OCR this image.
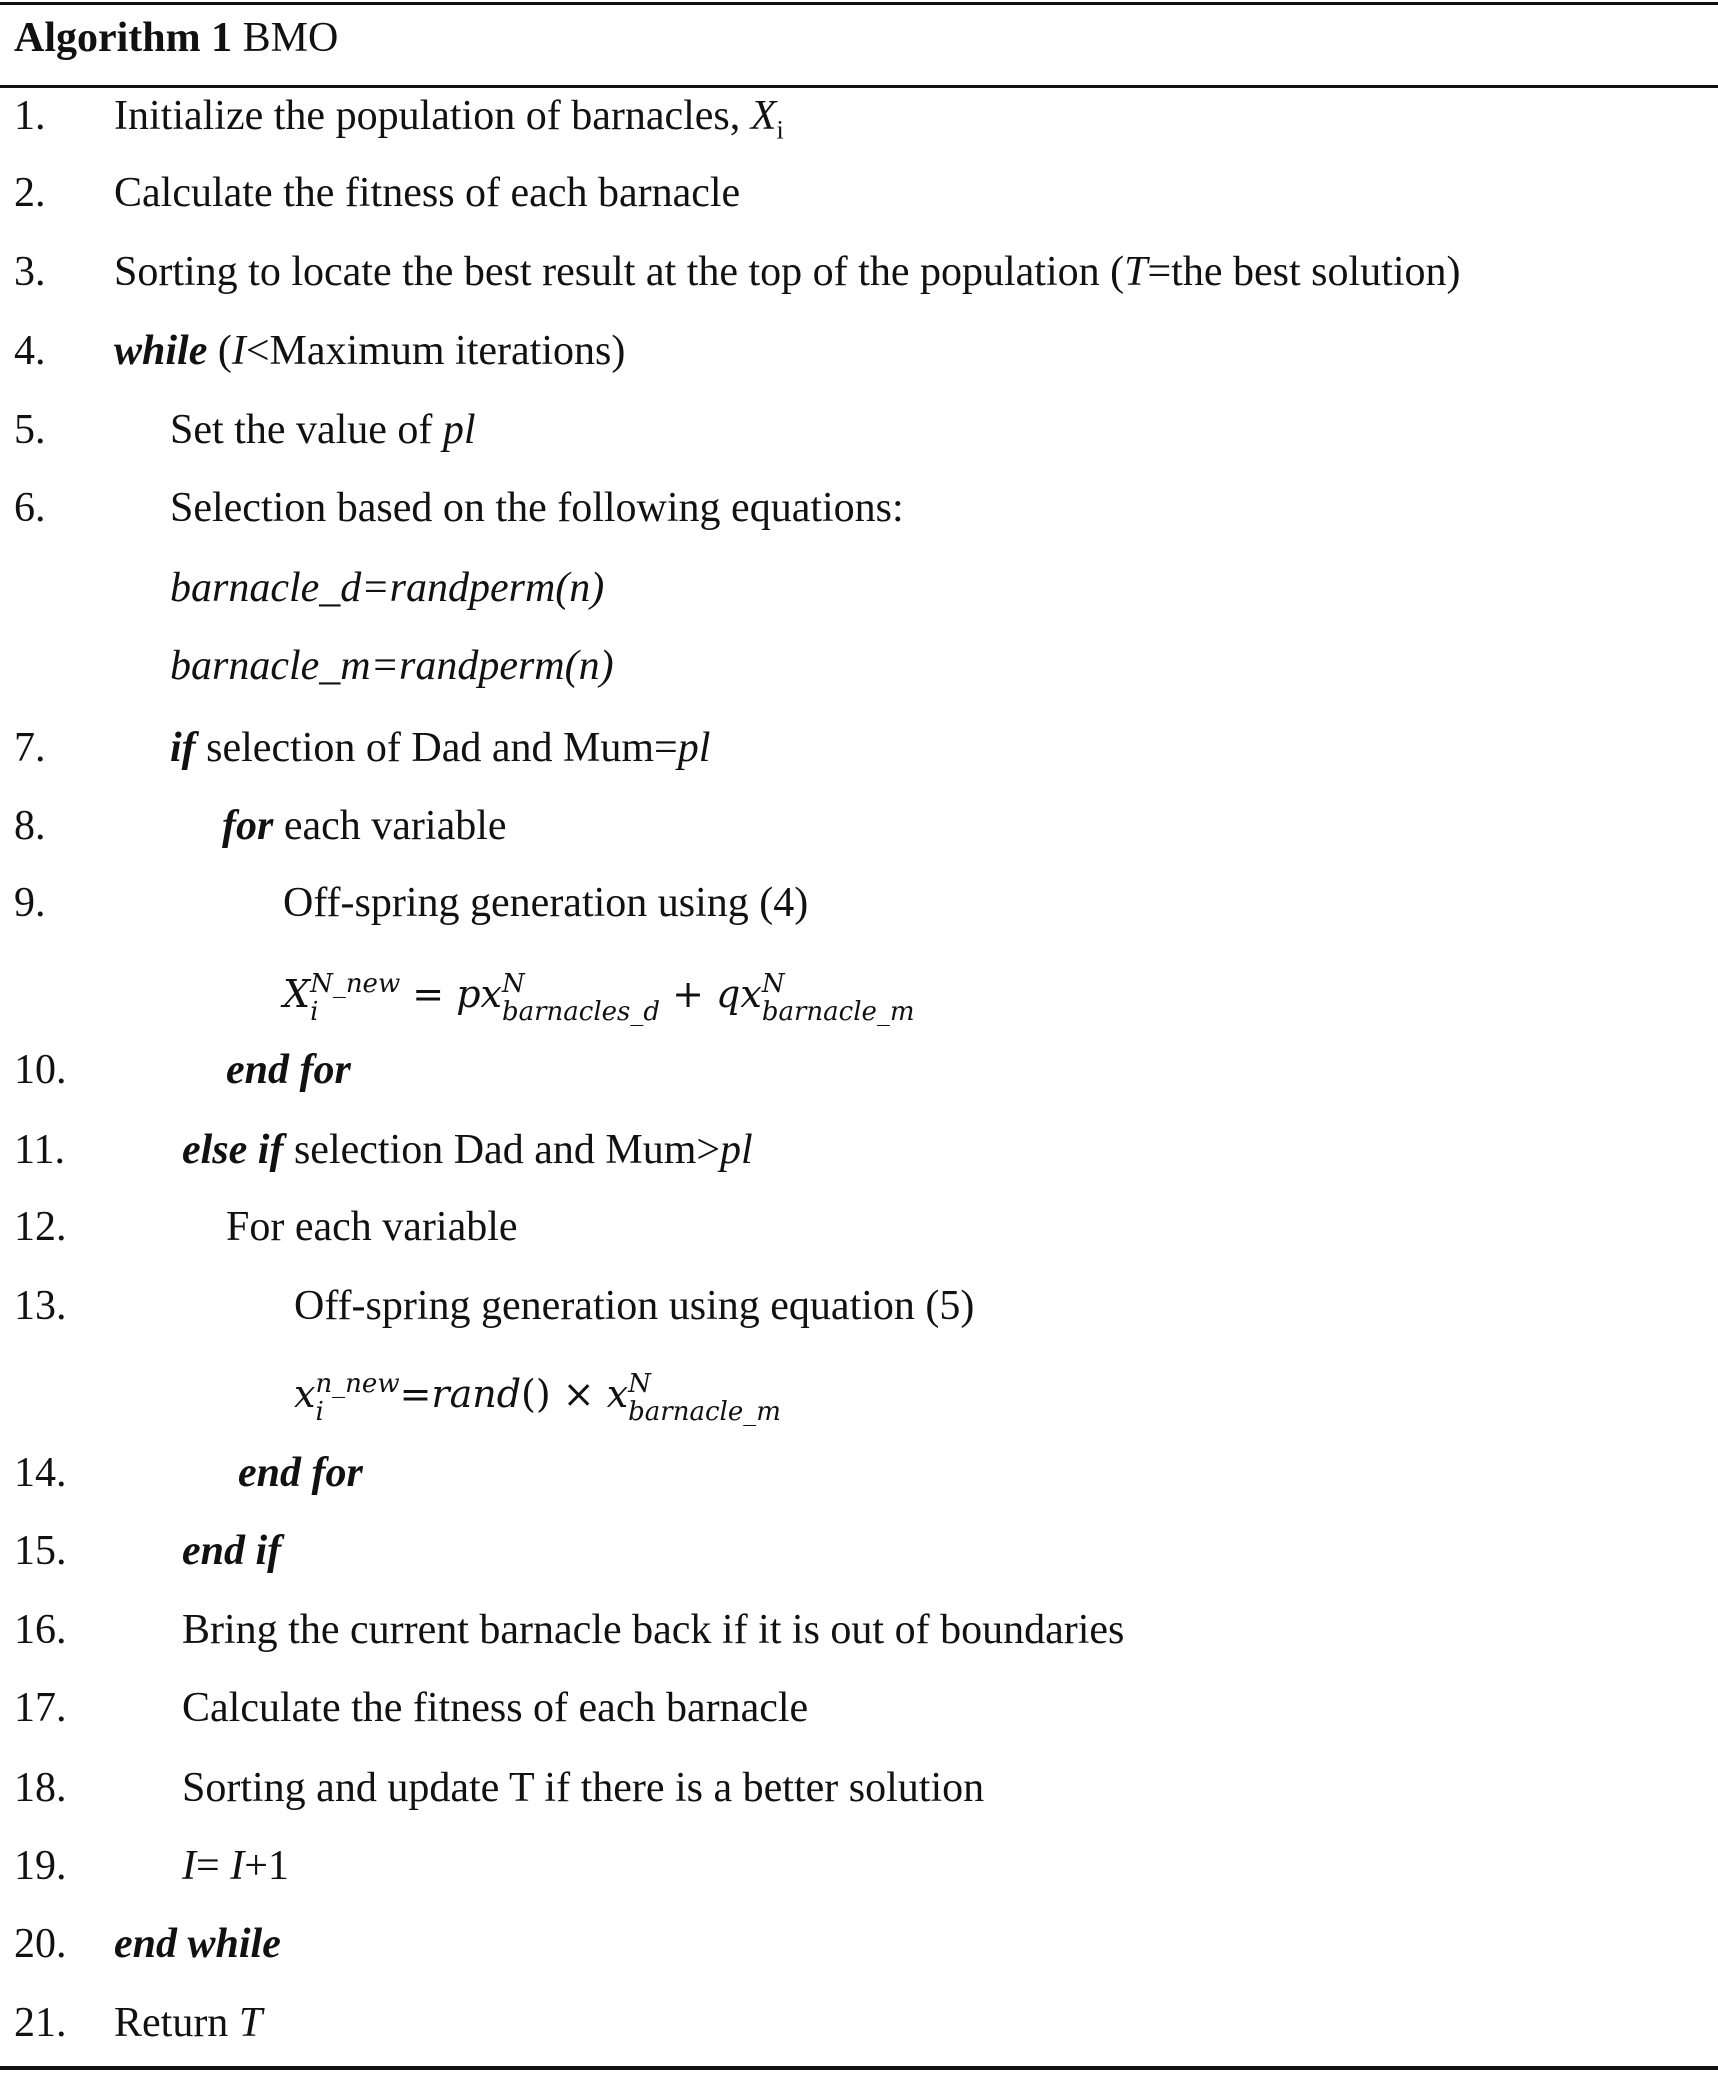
Algorithm 1 BMO
1. Initialize the population of barnacles, $X_i$
2. Calculate the fitness of each barnacle
3. Sorting to locate the best result at the top of the population (T=the best solution)
4. while (I<Maximum iterations)
5.	Set the value of pl
6.	Selection based on the following equations:
barnacle_d=randperm(n)
barnacle_m=randperm(n)
7.	if selection of Dad and Mum=pl
8.	for each variable
9.	Off-spring generation using (4)
X N_new
i	= px N
barnacles_d + qx N
barnacle_m
10.	end for
11.	else if selection Dad and Mum>pl
12.	For each variable
13.	Off-spring generation using equation (5)
x n_new
i	=rand() × x N
barnacle_m
14.	end for
15.	end if
16.	Bring the current barnacle back if it is out of boundaries
17.	Calculate the fitness of each barnacle
18.	Sorting and update T if there is a better solution
19.	I= I+1
20. end while
21. Return T
